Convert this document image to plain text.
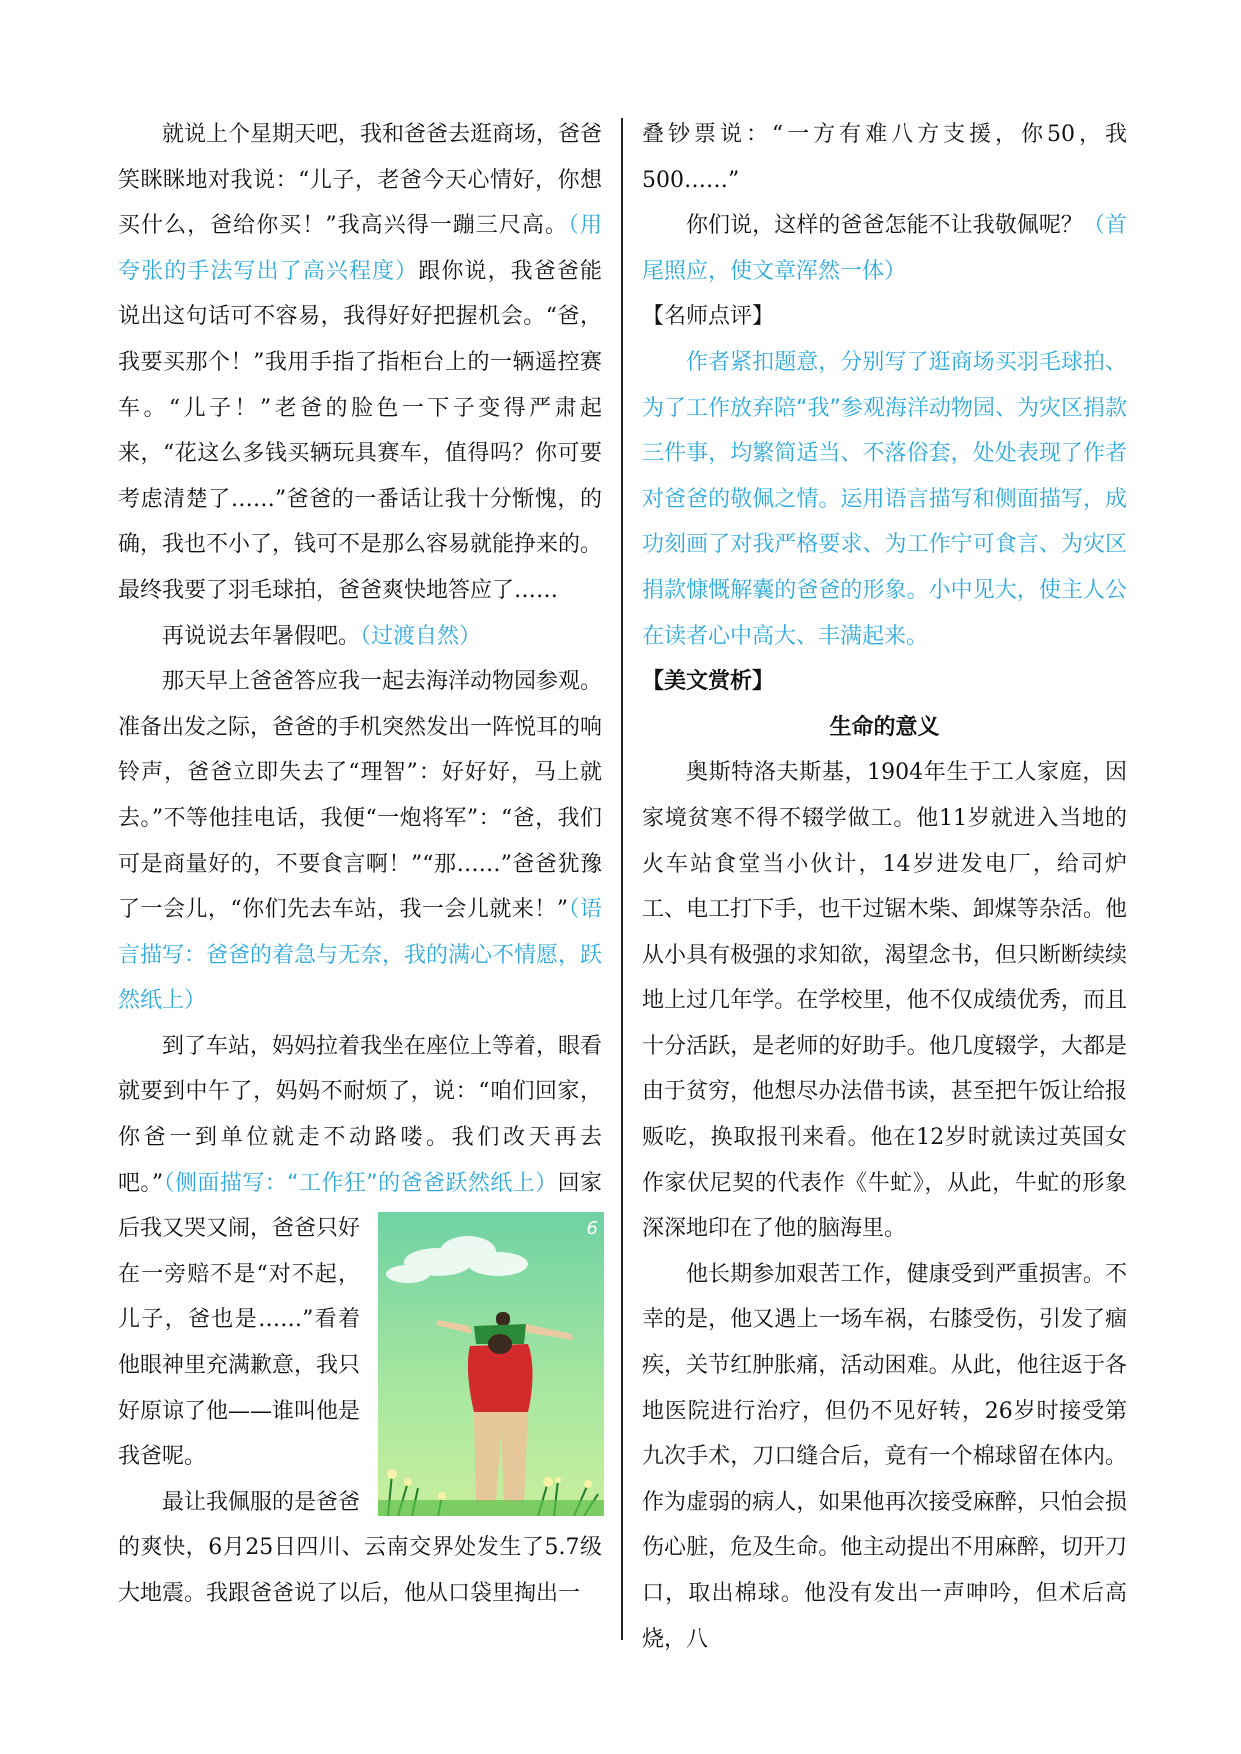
就说上个星期天吧，我和爸爸去逛商场，爸爸笑眯眯地对我说：“儿子，老爸今天心情好，你想买什么，爸给你买！”我高兴得一蹦三尺高。（用夸张的手法写出了高兴程度）跟你说，我爸爸能说出这句话可不容易，我得好好把握机会。“爸，我要买那个！”我用手指了指柜台上的一辆遥控赛车。“儿子！”老爸的脸色一下子变得严肃起来，“花这么多钱买辆玩具赛车，值得吗？你可要考虑清楚了……”爸爸的一番话让我十分惭愧，的确，我也不小了，钱可不是那么容易就能挣来的。最终我要了羽毛球拍，爸爸爽快地答应了……

再说说去年暑假吧。（过渡自然）

那天早上爸爸答应我一起去海洋动物园参观。准备出发之际，爸爸的手机突然发出一阵悦耳的响铃声，爸爸立即失去了“理智”：好好好，马上就去。”不等他挂电话，我便“一炮将军”：“爸，我们可是商量好的，不要食言啊！”“那……”爸爸犹豫了一会儿，“你们先去车站，我一会儿就来！”（语言描写：爸爸的着急与无奈，我的满心不情愿，跃然纸上）

到了车站，妈妈拉着我坐在座位上等着，眼看就要到中午了，妈妈不耐烦了，说：“咱们回家，你爸一到单位就走不动路喽。我们改天再去吧。”（侧面描写：“工作狂”的爸爸跃然纸上）
6
回家后我又哭又闹，爸爸只好在一旁赔不是“对不起，儿子，爸也是……”看着他眼神里充满歉意，我只好原谅了他——谁叫他是我爸呢。

最让我佩服的是爸爸的爽快，6月25日四川、云南交界处发生了5.7级大地震。我跟爸爸说了以后，他从口袋里掏出一

叠钞票说：“一方有难八方支援，你50，我500……”

你们说，这样的爸爸怎能不让我敬佩呢？（首尾照应，使文章浑然一体）

【名师点评】

作者紧扣题意，分别写了逛商场买羽毛球拍、为了工作放弃陪“我”参观海洋动物园、为灾区捐款三件事，均繁简适当、不落俗套，处处表现了作者对爸爸的敬佩之情。运用语言描写和侧面描写，成功刻画了对我严格要求、为工作宁可食言、为灾区捐款慷慨解囊的爸爸的形象。小中见大，使主人公在读者心中高大、丰满起来。

【美文赏析】

生命的意义

奥斯特洛夫斯基，1904年生于工人家庭，因家境贫寒不得不辍学做工。他11岁就进入当地的火车站食堂当小伙计，14岁进发电厂，给司炉工、电工打下手，也干过锯木柴、卸煤等杂活。他从小具有极强的求知欲，渴望念书，但只断断续续地上过几年学。在学校里，他不仅成绩优秀，而且十分活跃，是老师的好助手。他几度辍学，大都是由于贫穷，他想尽办法借书读，甚至把午饭让给报贩吃，换取报刊来看。他在12岁时就读过英国女作家伏尼契的代表作《牛虻》，从此，牛虻的形象深深地印在了他的脑海里。

他长期参加艰苦工作，健康受到严重损害。不幸的是，他又遇上一场车祸，右膝受伤，引发了痼疾，关节红肿胀痛，活动困难。从此，他往返于各地医院进行治疗，但仍不见好转，26岁时接受第九次手术，刀口缝合后，竟有一个棉球留在体内。作为虚弱的病人，如果他再次接受麻醉，只怕会损伤心脏，危及生命。他主动提出不用麻醉，切开刀口，取出棉球。他没有发出一声呻吟，但术后高烧，八
